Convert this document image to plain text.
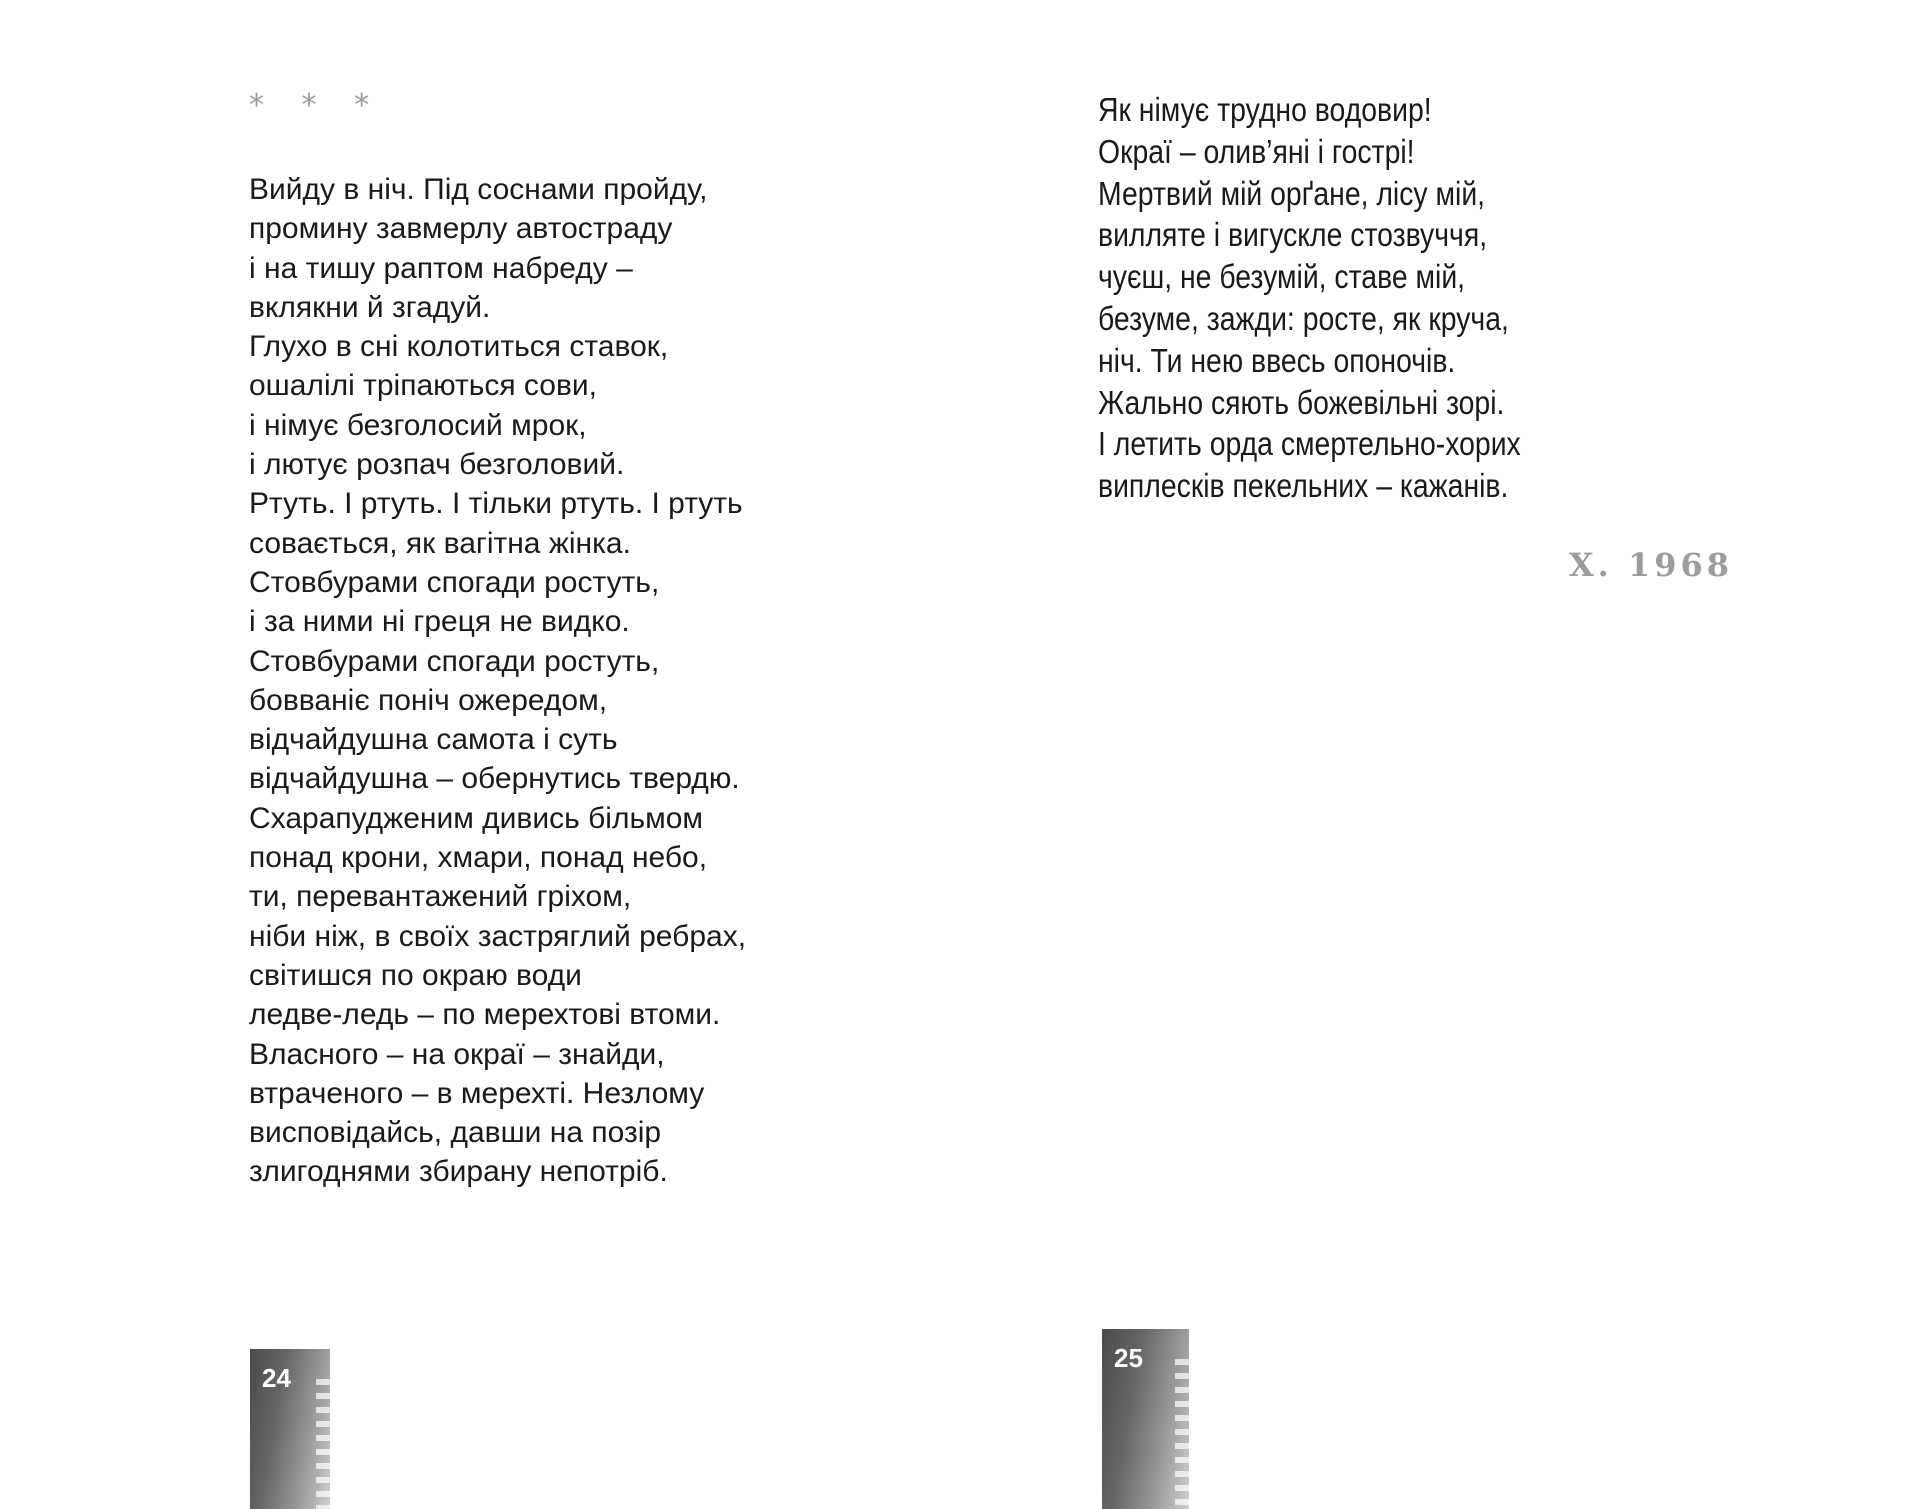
* * *
Вийду в ніч. Під соснами пройду,
промину завмерлу автостраду
і на тишу раптом набреду –
вклякни й згадуй.
Глухо в сні колотиться ставок,
ошалілі тріпаються сови,
і німує безголосий мрок,
і лютує розпач безголовий.
Ртуть. І ртуть. І тільки ртуть. І ртуть
совається, як вагітна жінка.
Стовбурами спогади ростуть,
і за ними ні греця не видко.
Стовбурами спогади ростуть,
бовваніє поніч ожередом,
відчайдушна самота і суть
відчайдушна – обернутись твердю.
Схарапудженим дивись більмом
понад крони, хмари, понад небо,
ти, перевантажений гріхом,
ніби ніж, в своїх застряглий ребрах,
світишся по окраю води
ледве-ледь – по мерехтові втоми.
Власного – на окраї – знайди,
втраченого – в мерехті. Незлому
висповідайсь, давши на позір
злигоднями збирану непотріб.
24
Як німує трудно водовир!
Окраї – олив’яні і гострі!
Мертвий мій орґане, лісу мій,
вилляте і вигускле стозвуччя,
чуєш, не безумій, ставе мій,
безуме, зажди: росте, як круча,
ніч. Ти нею ввесь опоночів.
Жально сяють божевільні зорі.
І летить орда смертельно-хорих
виплесків пекельних – кажанів.
X. 1968
25
